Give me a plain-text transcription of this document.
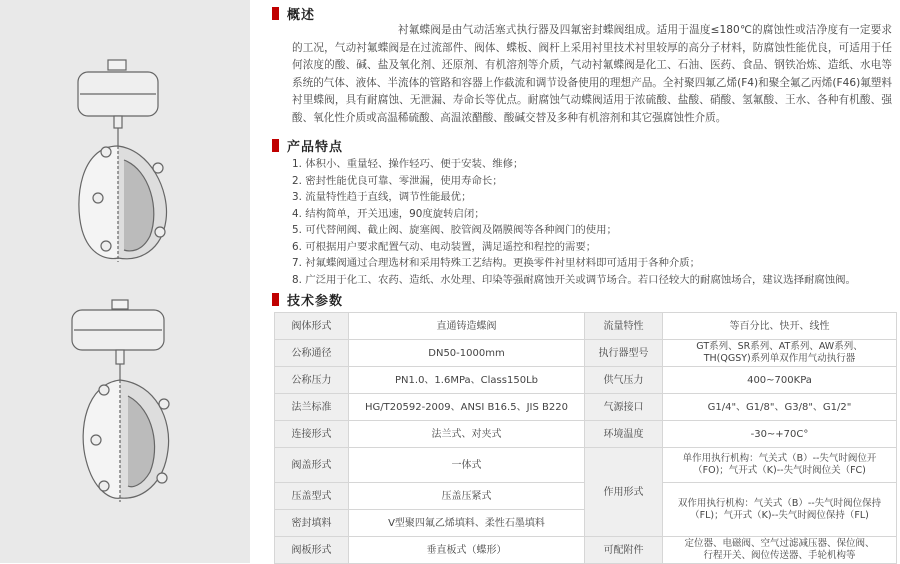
概述

衬氟蝶阀是由气动活塞式执行器及四氟密封蝶阀组成。适用于温度≤180℃的腐蚀性或洁净度有一定要求的工况，气动衬氟蝶阀是在过流部件、阀体、蝶板、阀杆上采用衬里技术衬里较厚的高分子材料，防腐蚀性能优良，可适用于任何浓度的酸、碱、盐及氧化剂、还原剂、有机溶剂等介质，气动衬氟蝶阀是化工、石油、医药、食品、钢铁冶炼、造纸、水电等系统的气体、液体、半流体的管路和容器上作截流和调节设备使用的理想产品。全衬聚四氟乙烯(F4)和聚全氟乙丙烯(F46)氟塑料衬里蝶阀，具有耐腐蚀、无泄漏、寿命长等优点。耐腐蚀气动蝶阀适用于浓硫酸、盐酸、硝酸、氢氟酸、王水、各种有机酸、强酸、氧化性介质或高温稀硫酸、高温浓醋酸、酸碱交替及多种有机溶剂和其它强腐蚀性介质。

产品特点
1. 体积小、重量轻、操作轻巧、便于安装、维修；
2. 密封性能优良可靠、零泄漏，使用寿命长；
3. 流量特性趋于直线，调节性能最优；
4. 结构简单，开关迅速，90度旋转启闭；
5. 可代替闸阀、截止阀、旋塞阀、胶管阀及隔膜阀等各种阀门的使用；
6. 可根据用户要求配置气动、电动装置，满足遥控和程控的需要；
7. 衬氟蝶阀通过合理选材和采用特殊工艺结构。更换零件衬里材料即可适用于各种介质；
8. 广泛用于化工、农药、造纸、水处理、印染等强耐腐蚀开关或调节场合。若口径较大的耐腐蚀场合，建议选择耐腐蚀阀。
技术参数
阀体形式	直通铸造蝶阀	流量特性	等百分比、快开、线性
公称通径	DN50-1000mm	执行器型号	GT系列、SR系列、AT系列、AW系列、
TH(QGSY)系列单双作用气动执行器

公称压力	PN1.0、1.6MPa、Class150Lb	供气压力	400~700KPa
法兰标准	HG/T20592-2009、ANSI B16.5、JIS B220	气源接口	G1/4"、G1/8"、G3/8"、G1/2"
连接形式	法兰式、对夹式	环境温度	-30~+70C°
阀盖形式	一体式	作用形式	单作用执行机构：气关式（B）--失气时阀位开
（FO)；气开式（K)--失气时阀位关（FC)

压盖型式	压盖压紧式		双作用执行机构：气关式（B）--失气时阀位保持
（FL)；气开式（K)--失气时阀位保持（FL)

密封填料	V型聚四氟乙烯填料、柔性石墨填料		
阀板形式	垂直板式（蝶形）	可配附件	定位器、电磁阀、空气过滤减压器、保位阀、
行程开关、阀位传送器、手轮机构等
